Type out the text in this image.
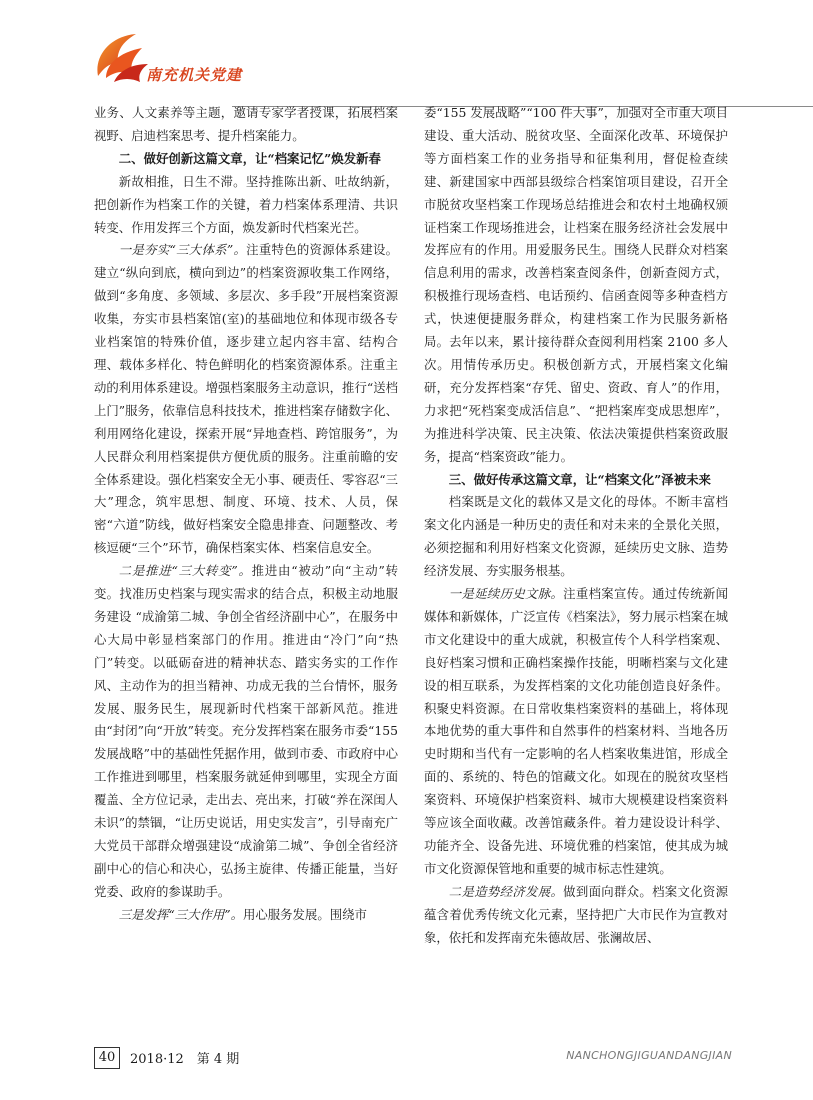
南充机关党建

业务、人文素养等主题，邀请专家学者授课，拓展档案视野、启迪档案思考、提升档案能力。

二、做好创新这篇文章，让“档案记忆”焕发新春

新故相推，日生不滞。坚持推陈出新、吐故纳新，把创新作为档案工作的关键，着力档案体系理清、共识转变、作用发挥三个方面，焕发新时代档案光芒。

一是夯实“三大体系”。注重特色的资源体系建设。建立“纵向到底，横向到边”的档案资源收集工作网络，做到“多角度、多领域、多层次、多手段”开展档案资源收集，夯实市县档案馆(室)的基础地位和体现市级各专业档案馆的特殊价值，逐步建立起内容丰富、结构合理、载体多样化、特色鲜明化的档案资源体系。注重主动的利用体系建设。增强档案服务主动意识，推行“送档上门”服务，依靠信息科技技术，推进档案存储数字化、利用网络化建设，探索开展“异地查档、跨馆服务”，为人民群众利用档案提供方便优质的服务。注重前瞻的安全体系建设。强化档案安全无小事、硬责任、零容忍“三大”理念，筑牢思想、制度、环境、技术、人员，保密“六道”防线，做好档案安全隐患排查、问题整改、考核逗硬“三个”环节，确保档案实体、档案信息安全。

二是推进“三大转变”。推进由“被动”向“主动”转变。找准历史档案与现实需求的结合点，积极主动地服务建设 “成渝第二城、争创全省经济副中心”，在服务中心大局中彰显档案部门的作用。推进由“冷门”向“热门”转变。以砥砺奋进的精神状态、踏实务实的工作作风、主动作为的担当精神、功成无我的兰台情怀，服务发展、服务民生，展现新时代档案干部新风范。推进由“封闭”向“开放”转变。充分发挥档案在服务市委“155 发展战略”中的基础性凭据作用，做到市委、市政府中心工作推进到哪里，档案服务就延伸到哪里，实现全方面覆盖、全方位记录，走出去、亮出来，打破“养在深闺人未识”的禁锢，“让历史说话，用史实发言”，引导南充广大党员干部群众增强建设“成渝第二城”、争创全省经济副中心的信心和决心，弘扬主旋律、传播正能量，当好党委、政府的参谋助手。

三是发挥“三大作用”。用心服务发展。围绕市

委“155 发展战略”“100 件大事”，加强对全市重大项目建设、重大活动、脱贫攻坚、全面深化改革、环境保护等方面档案工作的业务指导和征集利用，督促检查续建、新建国家中西部县级综合档案馆项目建设，召开全市脱贫攻坚档案工作现场总结推进会和农村土地确权颁证档案工作现场推进会，让档案在服务经济社会发展中发挥应有的作用。用爱服务民生。围绕人民群众对档案信息利用的需求，改善档案查阅条件，创新查阅方式，积极推行现场查档、电话预约、信函查阅等多种查档方式，快速便捷服务群众，构建档案工作为民服务新格局。去年以来，累计接待群众查阅利用档案 2100 多人次。用情传承历史。积极创新方式，开展档案文化编研，充分发挥档案“存凭、留史、资政、育人”的作用，力求把“死档案变成活信息”、“把档案库变成思想库”，为推进科学决策、民主决策、依法决策提供档案资政服务，提高“档案资政”能力。

三、做好传承这篇文章，让“档案文化”泽被未来

档案既是文化的载体又是文化的母体。不断丰富档案文化内涵是一种历史的责任和对未来的全景化关照，必须挖掘和利用好档案文化资源，延续历史文脉、造势经济发展、夯实服务根基。

一是延续历史文脉。注重档案宣传。通过传统新闻媒体和新媒体，广泛宣传《档案法》，努力展示档案在城市文化建设中的重大成就，积极宣传个人科学档案观、良好档案习惯和正确档案操作技能，明晰档案与文化建设的相互联系，为发挥档案的文化功能创造良好条件。积聚史料资源。在日常收集档案资料的基础上，将体现本地优势的重大事件和自然事件的档案材料、当地各历史时期和当代有一定影响的名人档案收集进馆，形成全面的、系统的、特色的馆藏文化。如现在的脱贫攻坚档案资料、环境保护档案资料、城市大规模建设档案资料等应该全面收藏。改善馆藏条件。着力建设设计科学、功能齐全、设备先进、环境优雅的档案馆，使其成为城市文化资源保管地和重要的城市标志性建筑。

二是造势经济发展。做到面向群众。档案文化资源蕴含着优秀传统文化元素，坚持把广大市民作为宣教对象，依托和发挥南充朱德故居、张澜故居、

40	2018·12　第 4 期	NANCHONGJIGUANDANGJIAN
